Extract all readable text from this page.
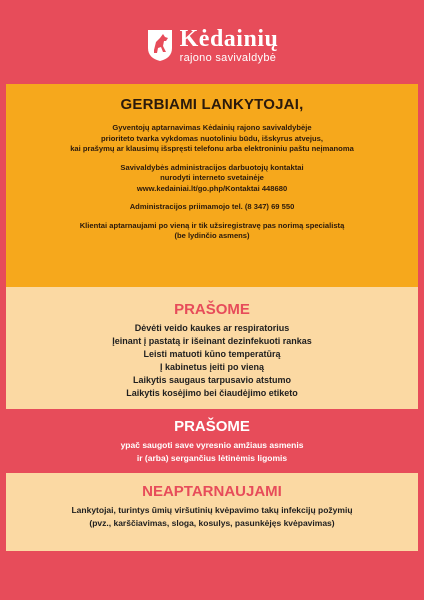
Kėdainių
rajono savivaldybė
GERBIAMI LANKYTOJAI,
Gyventojų aptarnavimas Kėdainių rajono savivaldybėje
prioriteto tvarka vykdomas nuotoliniu būdu, išskyrus atvejus,
kai prašymų ar klausimų išspręsti telefonu arba elektroniniu paštu neįmanoma
Savivaldybės administracijos darbuotojų kontaktai
nurodyti interneto svetainėje
www.kedainiai.lt/go.php/Kontaktai 448680
Administracijos priimamojo tel. (8 347) 69 550
Klientai aptarnaujami po vieną ir tik užsiregistravę pas norimą specialistą
(be lydinčio asmens)
PRAŠOME
Dėvėti veido kaukes ar respiratorius
Įeinant į pastatą ir išeinant dezinfekuoti rankas
Leisti matuoti kūno temperatūrą
Į kabinetus įeiti po vieną
Laikytis saugaus tarpusavio atstumo
Laikytis kosėjimo bei čiaudėjimo etiketo
PRAŠOME
ypač saugoti save vyresnio amžiaus asmenis
ir (arba) sergančius lėtinėmis ligomis
NEAPTARNAUJAMI
Lankytojai, turintys ūmių viršutinių kvėpavimo takų infekcijų požymių
(pvz., karščiavimas, sloga, kosulys, pasunkėjęs kvėpavimas)
